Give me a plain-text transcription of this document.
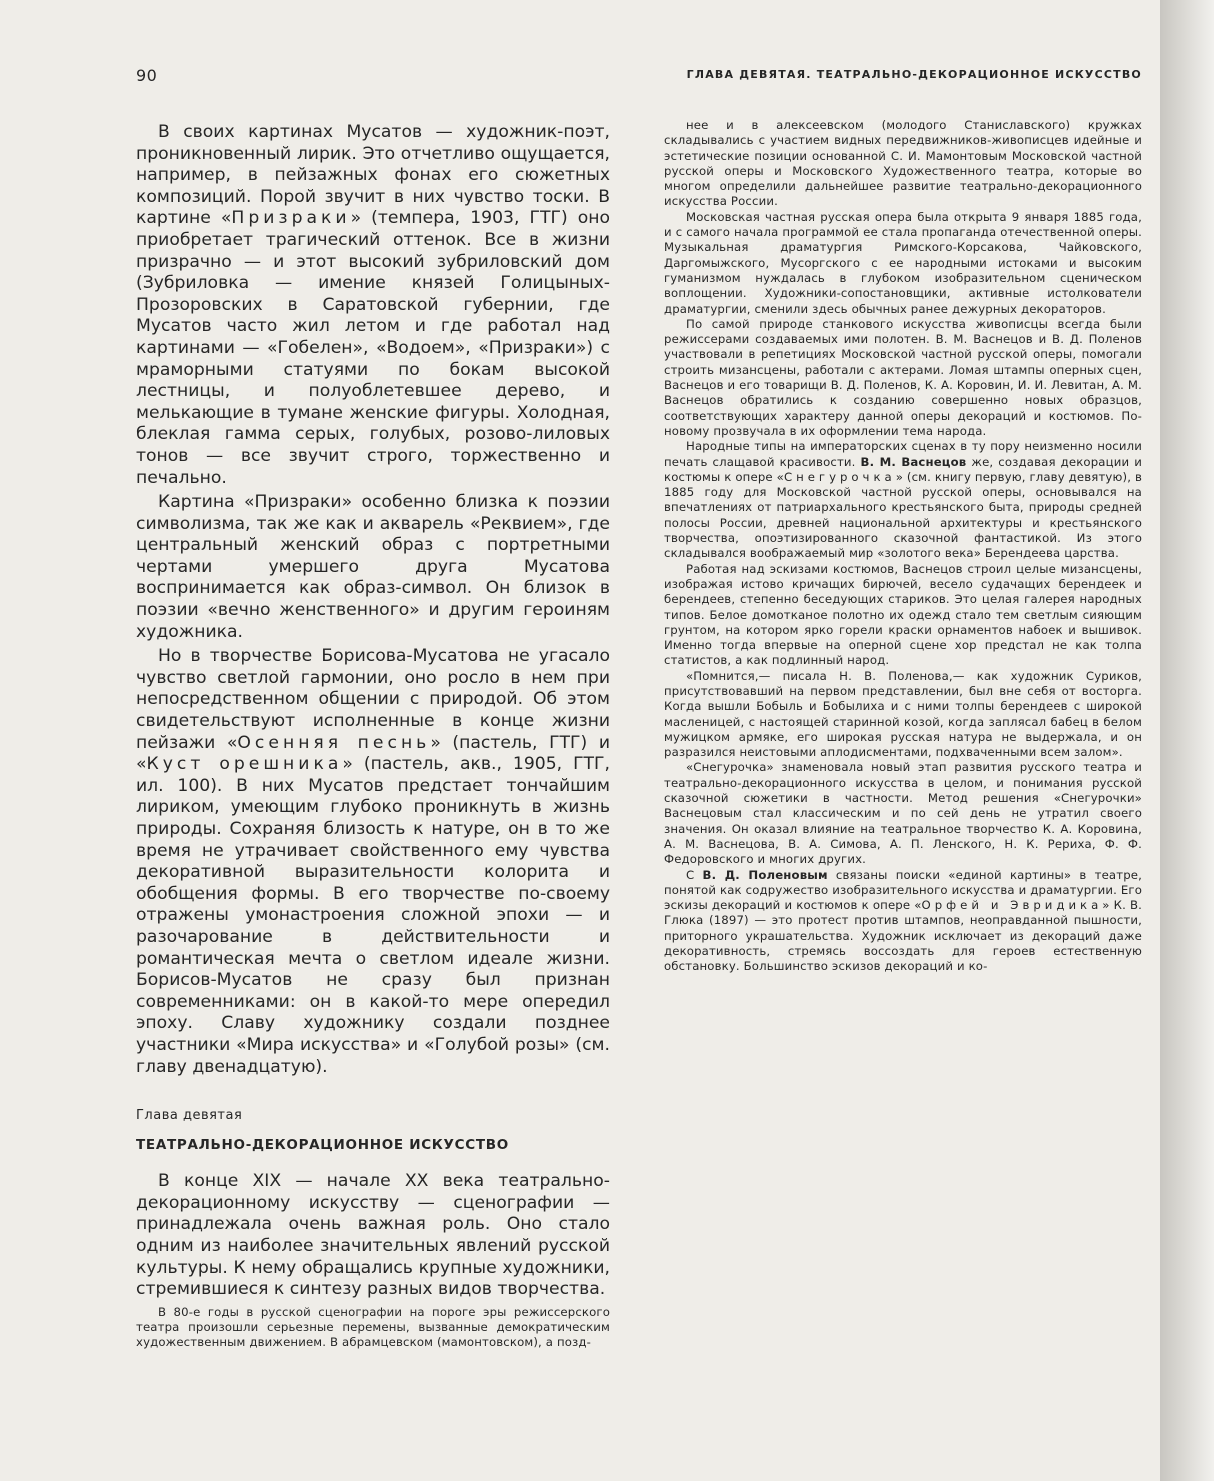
90	ГЛАВА ДЕВЯТАЯ. ТЕАТРАЛЬНО-ДЕКОРАЦИОННОЕ ИСКУССТВО

В своих картинах Мусатов — художник-поэт, проникновенный лирик. Это отчетливо ощущается, например, в пейзажных фонах его сюжетных композиций. Порой звучит в них чувство тоски. В картине «Призраки» (темпера, 1903, ГТГ) оно приобретает трагический оттенок. Все в жизни призрачно — и этот высокий зубриловский дом (Зубриловка — имение князей Голицыных-Прозоровских в Саратовской губернии, где Мусатов часто жил летом и где работал над картинами — «Гобелен», «Водоем», «Призраки») с мраморными статуями по бокам высокой лестницы, и полуоблетевшее дерево, и мелькающие в тумане женские фигуры. Холодная, блеклая гамма серых, голубых, розово-лиловых тонов — все звучит строго, торжественно и печально.

Картина «Призраки» особенно близка к поэзии символизма, так же как и акварель «Реквием», где центральный женский образ с портретными чертами умершего друга Мусатова воспринимается как образ-символ. Он близок в поэзии «вечно женственного» и другим героиням художника.

Но в творчестве Борисова-Мусатова не угасало чувство светлой гармонии, оно росло в нем при непосредственном общении с природой. Об этом свидетельствуют исполненные в конце жизни пейзажи «Осенняя песнь» (пастель, ГТГ) и «Куст орешника» (пастель, акв., 1905, ГТГ, ил. 100). В них Мусатов предстает тончайшим лириком, умеющим глубоко проникнуть в жизнь природы. Сохраняя близость к натуре, он в то же время не утрачивает свойственного ему чувства декоративной выразительности колорита и обобщения формы. В его творчестве по-своему отражены умонастроения сложной эпохи — и разочарование в действительности и романтическая мечта о светлом идеале жизни. Борисов-Мусатов не сразу был признан современниками: он в какой-то мере опередил эпоху. Славу художнику создали позднее участники «Мира искусства» и «Голубой розы» (см. главу двенадцатую).

Глава девятая
ТЕАТРАЛЬНО-ДЕКОРАЦИОННОЕ ИСКУССТВО

В конце XIX — начале XX века театрально-декорационному искусству — сценографии — принадлежала очень важная роль. Оно стало одним из наиболее значительных явлений русской культуры. К нему обращались крупные художники, стремившиеся к синтезу разных видов творчества.

В 80-е годы в русской сценографии на пороге эры режиссерского театра произошли серьезные перемены, вызванные демократическим художественным движением. В абрамцевском (мамонтовском), а позд-

нее и в алексеевском (молодого Станиславского) кружках складывались с участием видных передвижников-живописцев идейные и эстетические позиции основанной С. И. Мамонтовым Московской частной русской оперы и Московского Художественного театра, которые во многом определили дальнейшее развитие театрально-декорационного искусства России.

Московская частная русская опера была открыта 9 января 1885 года, и с самого начала программой ее стала пропаганда отечественной оперы. Музыкальная драматургия Римского-Корсакова, Чайковского, Даргомыжского, Мусоргского с ее народными истоками и высоким гуманизмом нуждалась в глубоком изобразительном сценическом воплощении. Художники-сопостановщики, активные истолкователи драматургии, сменили здесь обычных ранее дежурных декораторов.

По самой природе станкового искусства живописцы всегда были режиссерами создаваемых ими полотен. В. М. Васнецов и В. Д. Поленов участвовали в репетициях Московской частной русской оперы, помогали строить мизансцены, работали с актерами. Ломая штампы оперных сцен, Васнецов и его товарищи В. Д. Поленов, К. А. Коровин, И. И. Левитан, А. М. Васнецов обратились к созданию совершенно новых образцов, соответствующих характеру данной оперы декораций и костюмов. По-новому прозвучала в их оформлении тема народа.

Народные типы на императорских сценах в ту пору неизменно носили печать слащавой красивости. В. М. Васнецов же, создавая декорации и костюмы к опере «Снегурочка» (см. книгу первую, главу девятую), в 1885 году для Московской частной русской оперы, основывался на впечатлениях от патриархального крестьянского быта, природы средней полосы России, древней национальной архитектуры и крестьянского творчества, опоэтизированного сказочной фантастикой. Из этого складывался воображаемый мир «золотого века» Берендеева царства.

Работая над эскизами костюмов, Васнецов строил целые мизансцены, изображая истово кричащих бирючей, весело судачащих берендеек и берендеев, степенно беседующих стариков. Это целая галерея народных типов. Белое домотканое полотно их одежд стало тем светлым сияющим грунтом, на котором ярко горели краски орнаментов набоек и вышивок. Именно тогда впервые на оперной сцене хор предстал не как толпа статистов, а как подлинный народ.

«Помнится,— писала Н. В. Поленова,— как художник Суриков, присутствовавший на первом представлении, был вне себя от восторга. Когда вышли Бобыль и Бобылиха и с ними толпы берендеев с широкой масленицей, с настоящей старинной козой, когда заплясал бабец в белом мужицком армяке, его широкая русская натура не выдержала, и он разразился неистовыми аплодисментами, подхваченными всем залом».

«Снегурочка» знаменовала новый этап развития русского театра и театрально-декорационного искусства в целом, и понимания русской сказочной сюжетики в частности. Метод решения «Снегурочки» Васнецовым стал классическим и по сей день не утратил своего значения. Он оказал влияние на театральное творчество К. А. Коровина, А. М. Васнецова, В. А. Симова, А. П. Ленского, Н. К. Рериха, Ф. Ф. Федоровского и многих других.

С В. Д. Поленовым связаны поиски «единой картины» в театре, понятой как содружество изобразительного искусства и драматургии. Его эскизы декораций и костюмов к опере «Орфей и Эвридика» К. В. Глюка (1897) — это протест против штампов, неоправданной пышности, приторного украшательства. Художник исключает из декораций даже декоративность, стремясь воссоздать для героев естественную обстановку. Большинство эскизов декораций и ко-
